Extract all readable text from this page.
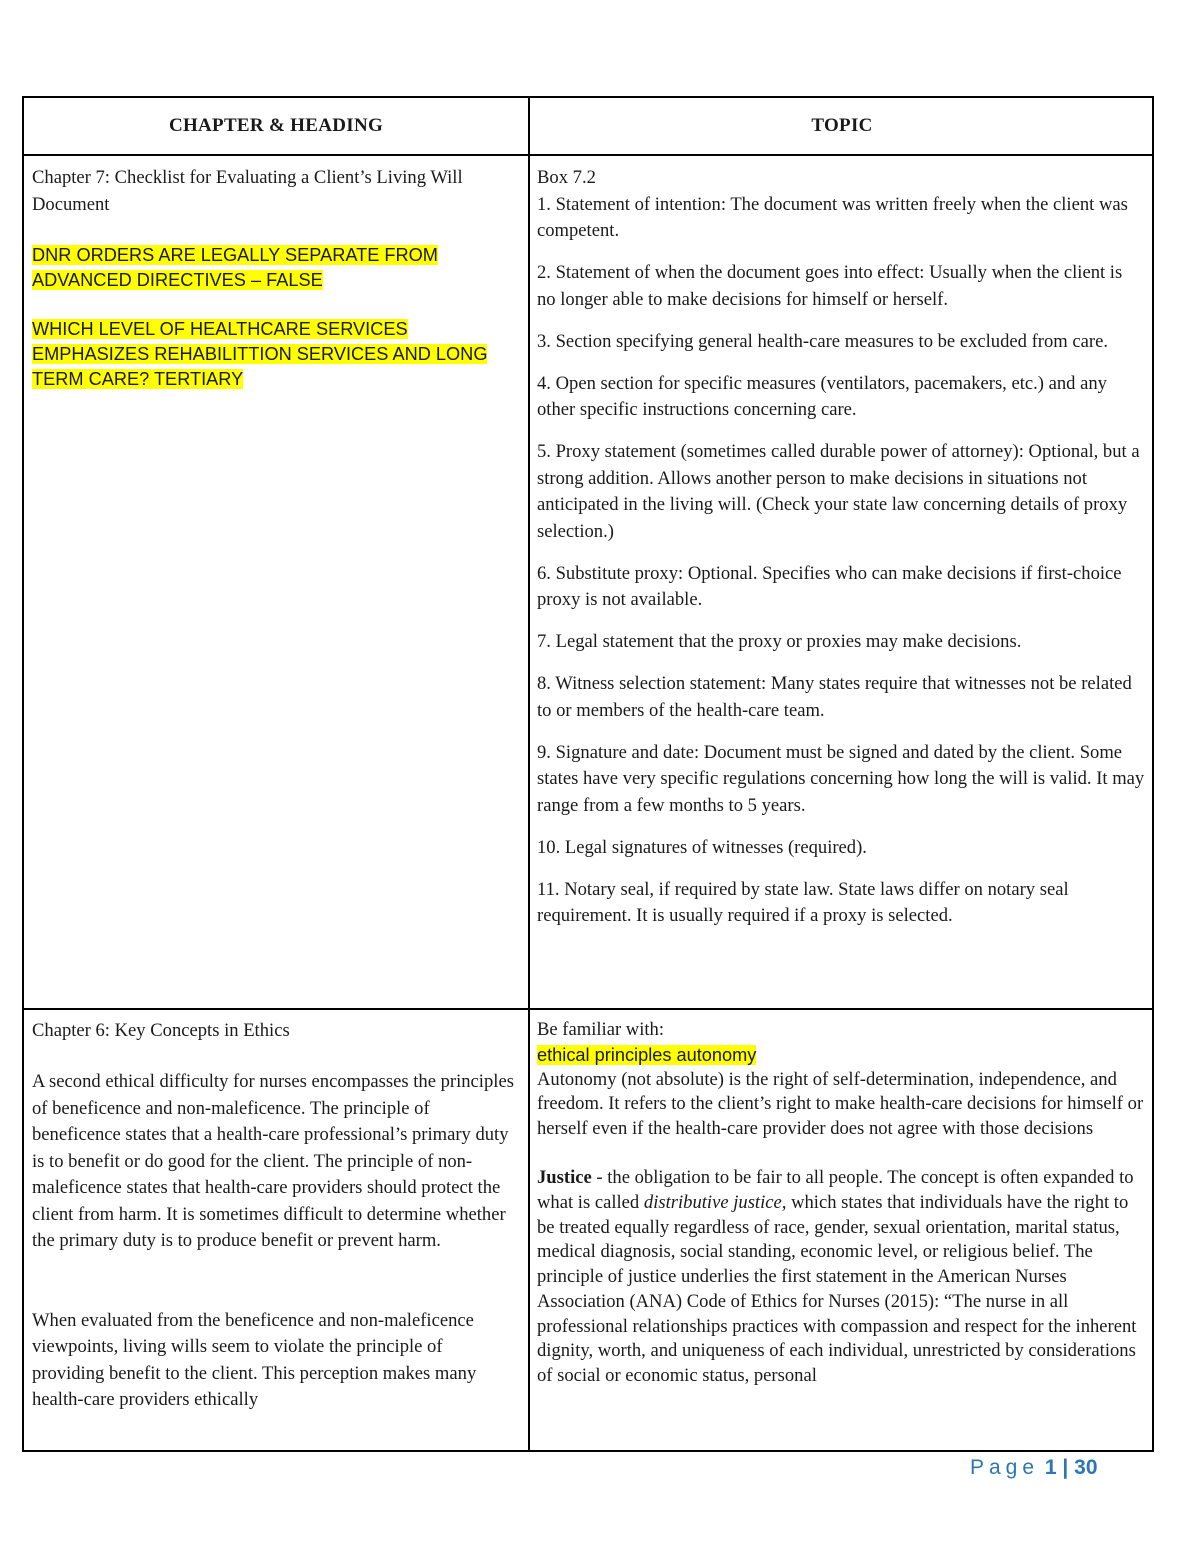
CHAPTER & HEADING	TOPIC

Chapter 7: Checklist for Evaluating a Client’s Living Will Document

DNR ORDERS ARE LEGALLY SEPARATE FROM ADVANCED DIRECTIVES – FALSE

WHICH LEVEL OF HEALTHCARE SERVICES EMPHASIZES REHABILITTION SERVICES AND LONG TERM CARE? TERTIARY

Box 7.2

1. Statement of intention: The document was written freely when the client was competent.

2. Statement of when the document goes into effect: Usually when the client is no longer able to make decisions for himself or herself.

3. Section specifying general health-care measures to be excluded from care.

4. Open section for specific measures (ventilators, pacemakers, etc.) and any other specific instructions concerning care.

5. Proxy statement (sometimes called durable power of attorney): Optional, but a strong addition. Allows another person to make decisions in situations not anticipated in the living will. (Check your state law concerning details of proxy selection.)

6. Substitute proxy: Optional. Specifies who can make decisions if first-choice proxy is not available.

7. Legal statement that the proxy or proxies may make decisions.

8. Witness selection statement: Many states require that witnesses not be related to or members of the health-care team.

9. Signature and date: Document must be signed and dated by the client. Some states have very specific regulations concerning how long the will is valid. It may range from a few months to 5 years.

10. Legal signatures of witnesses (required).

11. Notary seal, if required by state law. State laws differ on notary seal requirement. It is usually required if a proxy is selected.

Chapter 6: Key Concepts in Ethics

A second ethical difficulty for nurses encompasses the principles of beneficence and non-maleficence. The principle of beneficence states that a health-care professional’s primary duty is to benefit or do good for the client. The principle of non-maleficence states that health-care providers should protect the client from harm. It is sometimes difficult to determine whether the primary duty is to produce benefit or prevent harm.

When evaluated from the beneficence and non-maleficence viewpoints, living wills seem to violate the principle of providing benefit to the client. This perception makes many health-care providers ethically

Be familiar with:

ethical principles autonomy

Autonomy (not absolute) is the right of self-determination, independence, and freedom. It refers to the client’s right to make health-care decisions for himself or herself even if the health-care provider does not agree with those decisions

Justice - the obligation to be fair to all people. The concept is often expanded to what is called distributive justice, which states that individuals have the right to be treated equally regardless of race, gender, sexual orientation, marital status, medical diagnosis, social standing, economic level, or religious belief. The principle of justice underlies the first statement in the American Nurses Association (ANA) Code of Ethics for Nurses (2015): “The nurse in all professional relationships practices with compassion and respect for the inherent dignity, worth, and uniqueness of each individual, unrestricted by considerations of social or economic status, personal

Page 1 | 30
